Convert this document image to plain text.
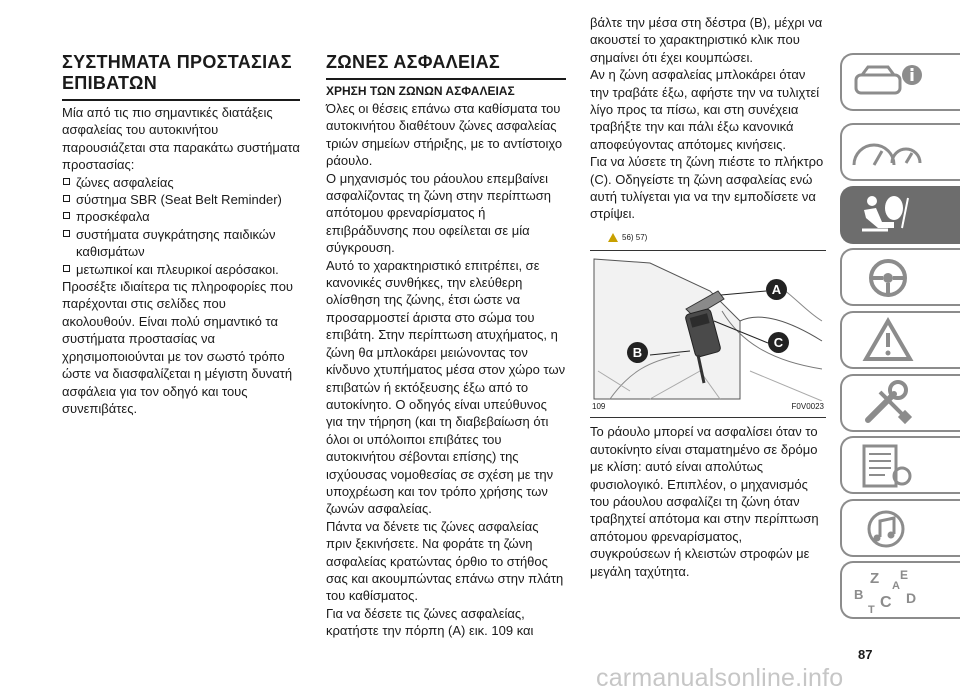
ΣΥΣΤΗΜΑΤΑ ΠΡΟΣΤΑΣΙΑΣ ΕΠΙΒΑΤΩΝ

Μία από τις πιο σημαντικές διατάξεις ασφαλείας του αυτοκινήτου παρουσιάζεται στα παρακάτω συστήματα προστασίας:

ζώνες ασφαλείας
σύστημα SBR (Seat Belt Reminder)
προσκέφαλα
συστήματα συγκράτησης παιδικών καθισμάτων
μετωπικοί και πλευρικοί αερόσακοι.

Προσέξτε ιδιαίτερα τις πληροφορίες που παρέχονται στις σελίδες που ακολουθούν. Είναι πολύ σημαντικό τα συστήματα προστασίας να χρησιμοποιούνται με τον σωστό τρόπο ώστε να διασφαλίζεται η μέγιστη δυνατή ασφάλεια για τον οδηγό και τους συνεπιβάτες.

ΖΩΝΕΣ ΑΣΦΑΛΕΙΑΣ
ΧΡΗΣΗ ΤΩΝ ΖΩΝΩΝ ΑΣΦΑΛΕΙΑΣ

Όλες οι θέσεις επάνω στα καθίσματα του αυτοκινήτου διαθέτουν ζώνες ασφαλείας τριών σημείων στήριξης, με το αντίστοιχο ράουλο.

Ο μηχανισμός του ράουλου επεμβαίνει ασφαλίζοντας τη ζώνη στην περίπτωση απότομου φρεναρίσματος ή επιβράδυνσης που οφείλεται σε μία σύγκρουση.

Αυτό το χαρακτηριστικό επιτρέπει, σε κανονικές συνθήκες, την ελεύθερη ολίσθηση της ζώνης, έτσι ώστε να προσαρμοστεί άριστα στο σώμα του επιβάτη. Στην περίπτωση ατυχήματος, η ζώνη θα μπλοκάρει μειώνοντας τον κίνδυνο χτυπήματος μέσα στον χώρο των επιβατών ή εκτόξευσης έξω από το αυτοκίνητο. Ο οδηγός είναι υπεύθυνος για την τήρηση (και τη διαβεβαίωση ότι όλοι οι υπόλοιποι επιβάτες του αυτοκινήτου σέβονται επίσης) της ισχύουσας νομοθεσίας σε σχέση με την υποχρέωση και τον τρόπο χρήσης των ζωνών ασφαλείας.

Πάντα να δένετε τις ζώνες ασφαλείας πριν ξεκινήσετε. Να φοράτε τη ζώνη ασφαλείας κρατώντας όρθιο το στήθος σας και ακουμπώντας επάνω στην πλάτη του καθίσματος.

Για να δέσετε τις ζώνες ασφαλείας, κρατήστε την πόρπη (A) εικ. 109 και

βάλτε την μέσα στη δέστρα (B), μέχρι να ακουστεί το χαρακτηριστικό κλικ που σημαίνει ότι έχει κουμπώσει.

Αν η ζώνη ασφαλείας μπλοκάρει όταν την τραβάτε έξω, αφήστε την να τυλιχτεί λίγο προς τα πίσω, και στη συνέχεια τραβήξτε την και πάλι έξω κανονικά αποφεύγοντας απότομες κινήσεις.

Για να λύσετε τη ζώνη πιέστε το πλήκτρο (C). Οδηγείστε τη ζώνη ασφαλείας ενώ αυτή τυλίγεται για να την εμποδίσετε να στρίψει.

56) 57)
A
B
C
109	F0V0023

Το ράουλο μπορεί να ασφαλίσει όταν το αυτοκίνητο είναι σταματημένο σε δρόμο με κλίση: αυτό είναι απολύτως φυσιολογικό. Επιπλέον, ο μηχανισμός του ράουλου ασφαλίζει τη ζώνη όταν τραβηχτεί απότομα και στην περίπτωση απότομου φρεναρίσματος, συγκρούσεων ή κλειστών στροφών με μεγάλη ταχύτητα.	Z E
B C D
A
T
87
carmanualsonline.info
